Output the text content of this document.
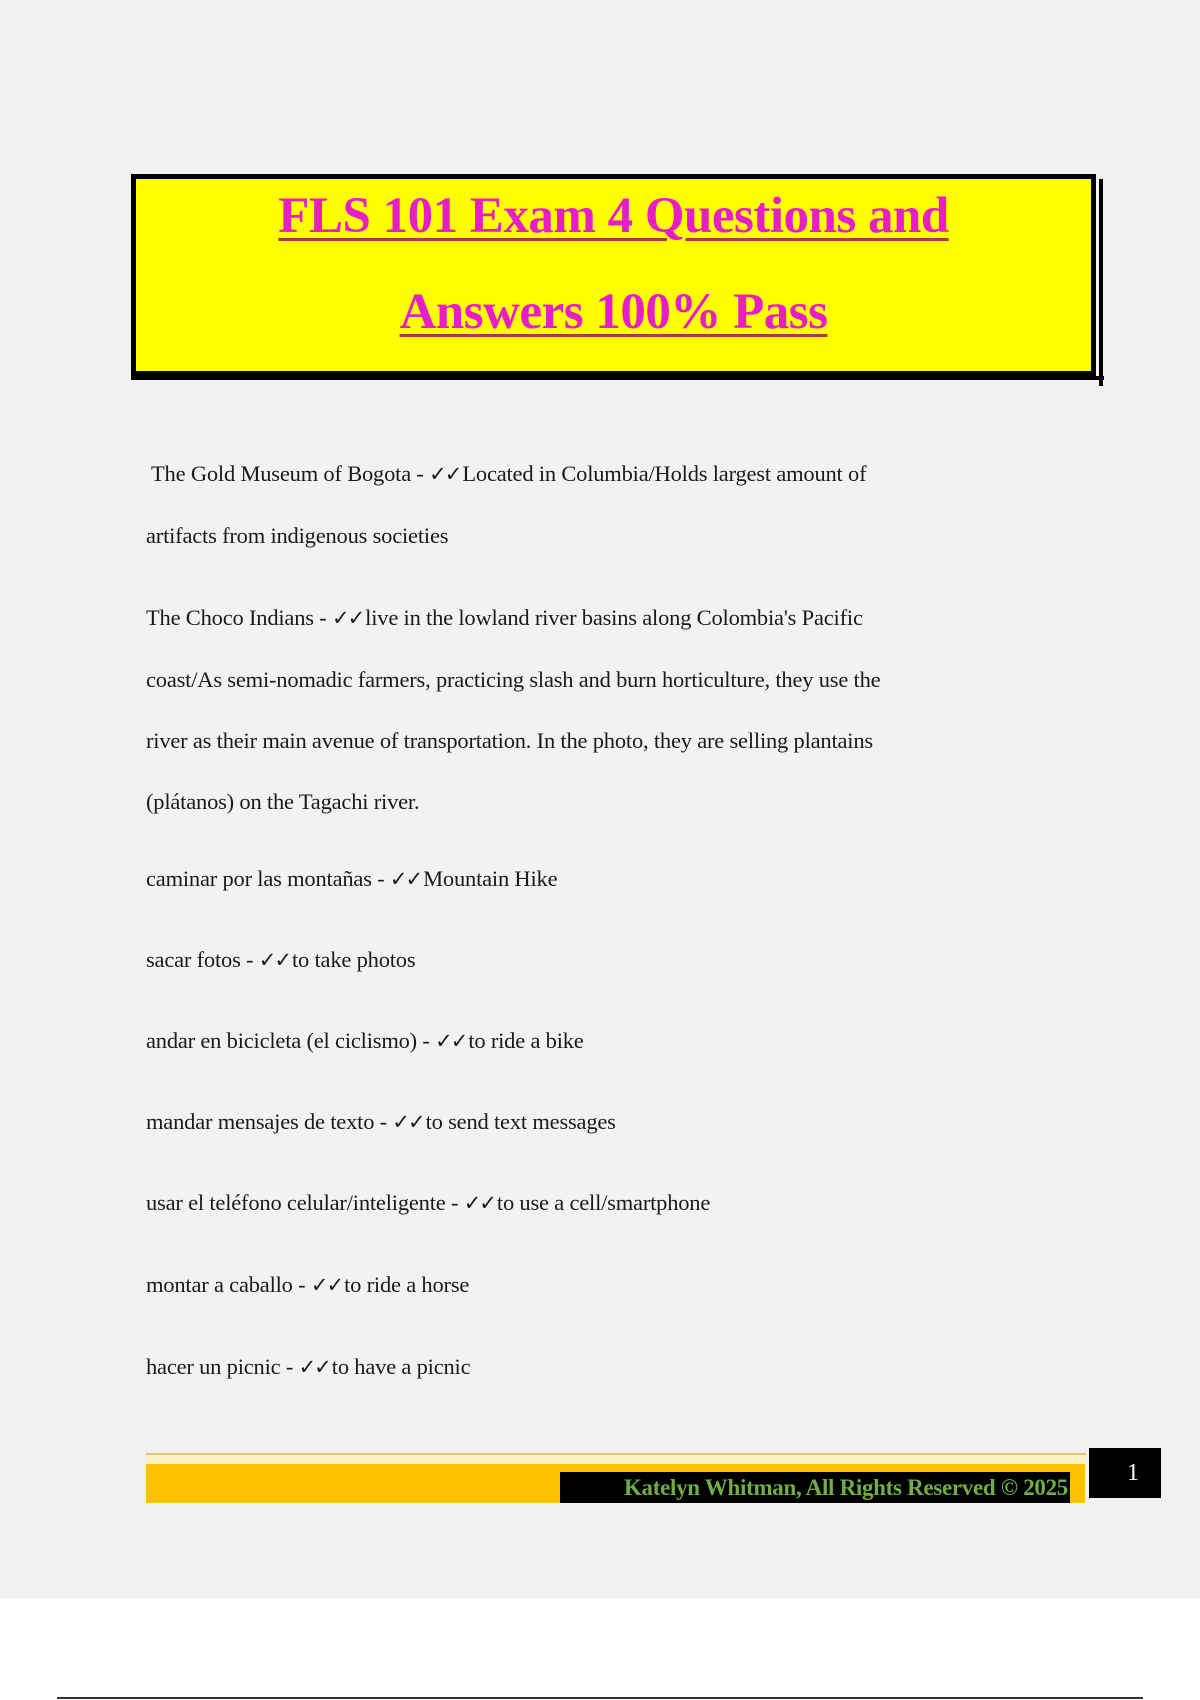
FLS 101 Exam 4 Questions and
Answers 100% Pass
The Gold Museum of Bogota - ✓✓Located in Columbia/Holds largest amount of
artifacts from indigenous societies
The Choco Indians - ✓✓live in the lowland river basins along Colombia's Pacific
coast/As semi-nomadic farmers, practicing slash and burn horticulture, they use the
river as their main avenue of transportation. In the photo, they are selling plantains
(plátanos) on the Tagachi river.
caminar por las montañas - ✓✓Mountain Hike
sacar fotos - ✓✓to take photos
andar en bicicleta (el ciclismo) - ✓✓to ride a bike
mandar mensajes de texto - ✓✓to send text messages
usar el teléfono celular/inteligente - ✓✓to use a cell/smartphone
montar a caballo - ✓✓to ride a horse
hacer un picnic - ✓✓to have a picnic
Katelyn Whitman, All Rights Reserved © 2025
1
